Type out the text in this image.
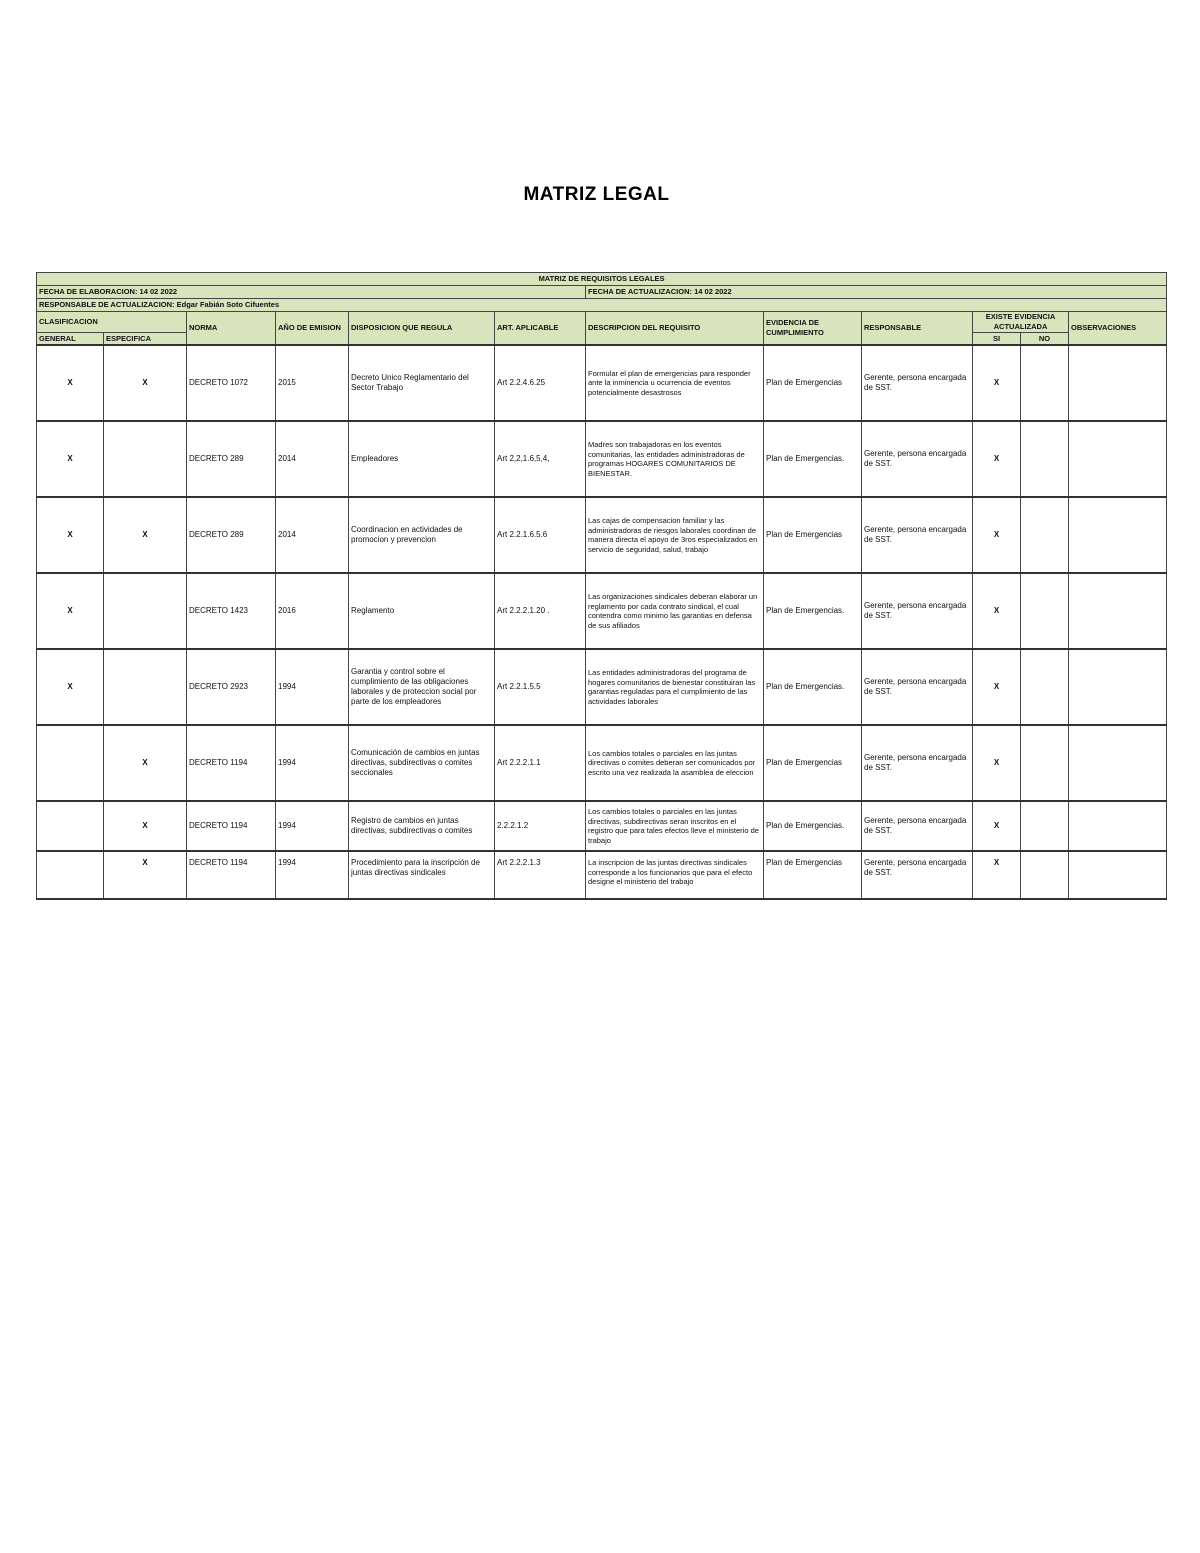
MATRIZ LEGAL
MATRIZ DE REQUISITOS LEGALES											
FECHA DE ELABORACION: 14 02 2022						FECHA DE ACTUALIZACION: 14 02 2022					
RESPONSABLE DE ACTUALIZACION: Edgar Fabián Soto Cifuentes											
CLASIFICACION		NORMA	AÑO DE EMISION	DISPOSICION QUE REGULA	ART. APLICABLE	DESCRIPCION DEL REQUISITO	EVIDENCIA DE CUMPLIMIENTO	RESPONSABLE	EXISTE EVIDENCIA ACTUALIZADA		OBSERVACIONES
GENERAL	ESPECIFICA								SI	NO	
X	X	DECRETO 1072	2015	Decreto Unico Reglamentario del Sector Trabajo	Art 2.2.4.6.25	Formular el plan de emergencias para responder ante la inminencia u ocurrencia de eventos potencialmente desastrosos	Plan de Emergencias	Gerente, persona encargada de SST.	X		
X		DECRETO 289	2014	Empleadores	Art 2,2,1.6,5,4,	Madres son trabajadoras en los eventos comunitarias, las entidades administradoras de programas HOGARES COMUNITARIOS DE BIENESTAR.	Plan de Emergencias.	Gerente, persona encargada de SST.	X		
X	X	DECRETO 289	2014	Coordinacion en actividades de promocion y prevencion	Art 2.2.1.6.5.6	Las cajas de compensacion familiar y las administradoras de riesgos laborales coordinan de manera directa el apoyo de 3ros especializados en servicio de seguridad, salud, trabajo	Plan de Emergencias	Gerente, persona encargada de SST.	X		
X		DECRETO 1423	2016	Reglamento	Art 2.2.2.1.20 .	Las organizaciones sindicales deberan elaborar un reglamento por cada contrato sindical, el cual contendra como minimo las garantias en defensa de sus afiliados	Plan de Emergencias.	Gerente, persona encargada de SST.	X		
X		DECRETO 2923	1994	Garantia y control sobre el cumplimiento de las obligaciones laborales y de proteccion social por parte de los empleadores	Art 2.2.1.5.5	Las entidades administradoras del programa de hogares comunitarios de bienestar constituiran las garantias reguladas para el cumplimiento de las actividades laborales	Plan de Emergencias.	Gerente, persona encargada de SST.	X		
	X	DECRETO 1194	1994	Comunicación de cambios en juntas directivas, subdirectivas o comites seccionales	Art 2.2.2.1.1	Los cambios totales o parciales en las juntas directivas o comites deberan ser comunicados por escrito una vez realizada la asamblea de eleccion	Plan de Emergencias	Gerente, persona encargada de SST.	X		
	X	DECRETO 1194	1994	Registro de cambios en juntas directivas, subdirectivas o comites	2.2.2.1.2	Los cambios totales o parciales en las juntas directivas, subdirectivas seran inscritos en el registro que para tales efectos lleve el ministerio de trabajo	Plan de Emergencias.	Gerente, persona encargada de SST.	X		
	X	DECRETO 1194	1994	Procedimiento para la inscripción de juntas directivas sindicales	Art 2.2.2.1.3	La inscripcion de las juntas directivas sindicales corresponde a los funcionarios que para el efecto designe el ministerio del trabajo	Plan de Emergencias	Gerente, persona encargada de SST.	X		
